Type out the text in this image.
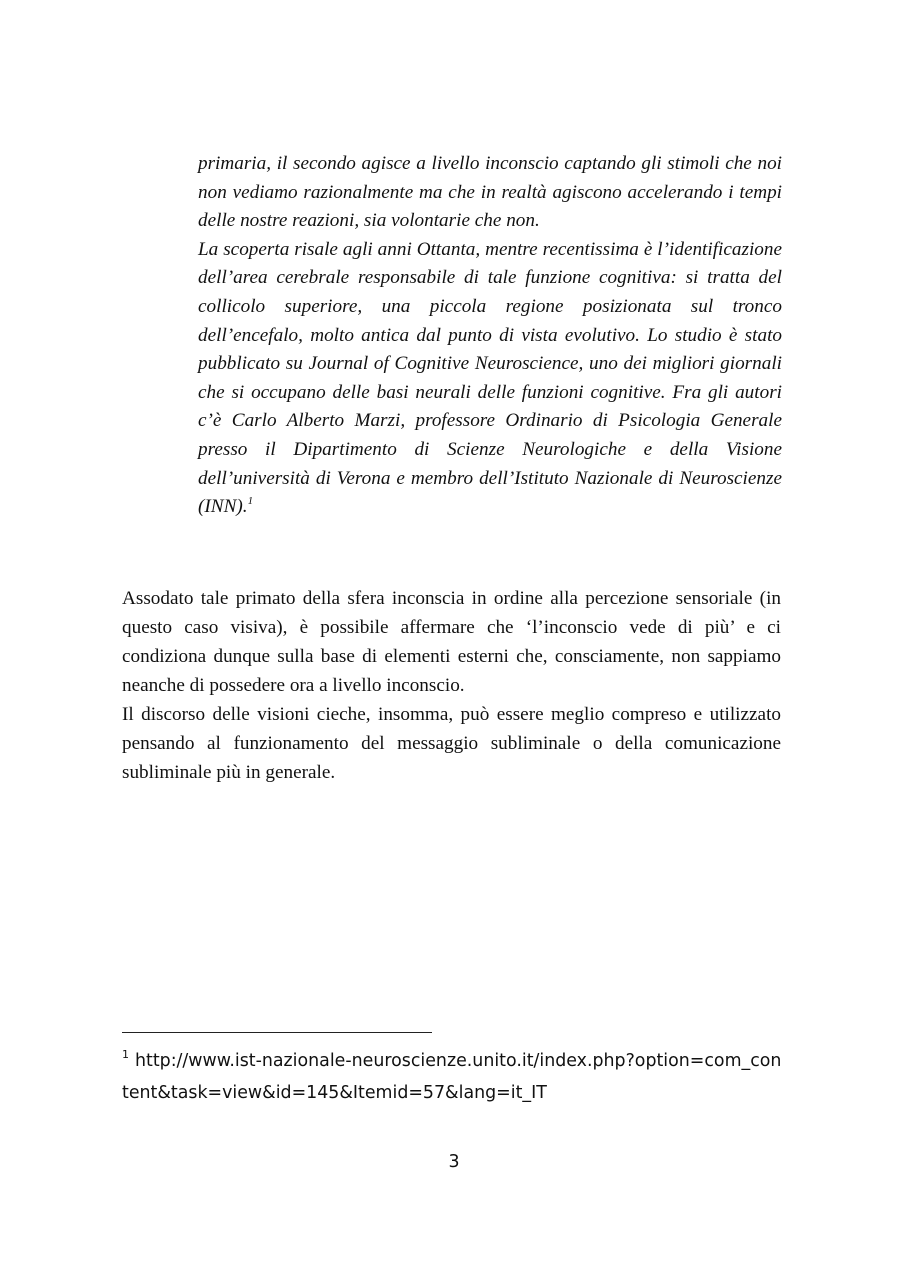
primaria, il secondo agisce a livello inconscio captando gli stimoli che noi non vediamo razionalmente ma che in realtà agiscono accelerando i tempi delle nostre reazioni, sia volontarie che non.

La scoperta risale agli anni Ottanta, mentre recentissima è l’identificazione dell’area cerebrale responsabile di tale funzione cognitiva: si tratta del collicolo superiore, una piccola regione posizionata sul tronco dell’encefalo, molto antica dal punto di vista evolutivo. Lo studio è stato pubblicato su Journal of Cognitive Neuroscience, uno dei migliori giornali che si occupano delle basi neurali delle funzioni cognitive. Fra gli autori c’è Carlo Alberto Marzi, professore Ordinario di Psicologia Generale presso il Dipartimento di Scienze Neurologiche e della Visione dell’università di Verona e membro dell’Istituto Nazionale di Neuroscienze (INN).$^1$

Assodato tale primato della sfera inconscia in ordine alla percezione sensoriale (in questo caso visiva), è possibile affermare che ‘l’inconscio vede di più’ e ci condiziona dunque sulla base di elementi esterni che, consciamente, non sappiamo neanche di possedere ora a livello inconscio.

Il discorso delle visioni cieche, insomma, può essere meglio compreso e utilizzato pensando al funzionamento del messaggio subliminale o della comunicazione subliminale più in generale.

$^1$ http://www.ist-nazionale-neuroscienze.unito.it/index.php?option=com_content&task=view&id=145&Itemid=57&lang=it_IT
3
